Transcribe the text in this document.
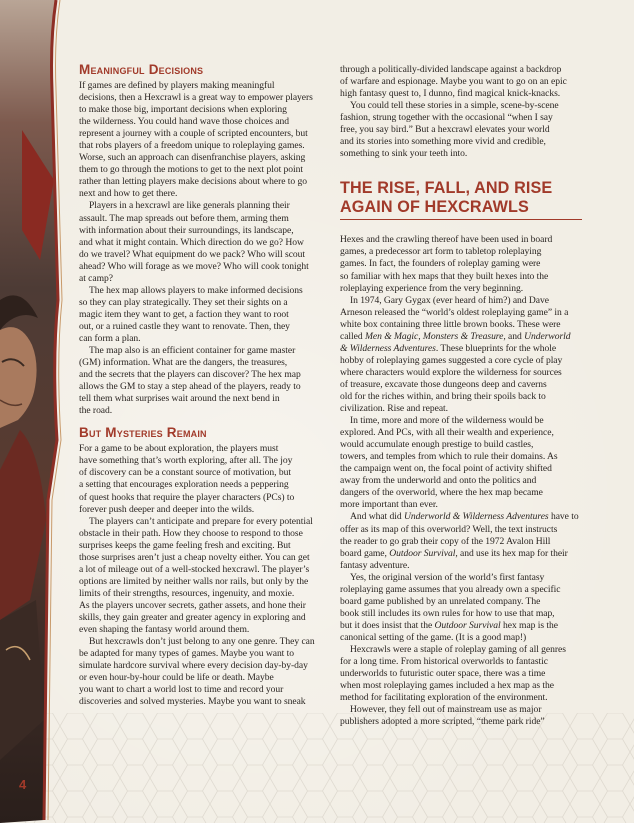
Meaningful Decisions

If games are defined by players making meaningful
decisions, then a Hexcrawl is a great way to empower players
to make those big, important decisions when exploring
the wilderness. You could hand wave those choices and
represent a journey with a couple of scripted encounters, but
that robs players of a freedom unique to roleplaying games.
Worse, such an approach can disenfranchise players, asking
them to go through the motions to get to the next plot point
rather than letting players make decisions about where to go
next and how to get there.

Players in a hexcrawl are like generals planning their
assault. The map spreads out before them, arming them
with information about their surroundings, its landscape,
and what it might contain. Which direction do we go? How
do we travel? What equipment do we pack? Who will scout
ahead? Who will forage as we move? Who will cook tonight
at camp?

The hex map allows players to make informed decisions
so they can play strategically. They set their sights on a
magic item they want to get, a faction they want to root
out, or a ruined castle they want to renovate. Then, they
can form a plan.

The map also is an efficient container for game master
(GM) information. What are the dangers, the treasures,
and the secrets that the players can discover? The hex map
allows the GM to stay a step ahead of the players, ready to
tell them what surprises wait around the next bend in
the road.

But Mysteries Remain

For a game to be about exploration, the players must
have something that’s worth exploring, after all. The joy
of discovery can be a constant source of motivation, but
a setting that encourages exploration needs a peppering
of quest hooks that require the player characters (PCs) to
forever push deeper and deeper into the wilds.

The players can’t anticipate and prepare for every potential
obstacle in their path. How they choose to respond to those
surprises keeps the game feeling fresh and exciting. But
those surprises aren’t just a cheap novelty either. You can get
a lot of mileage out of a well-stocked hexcrawl. The player’s
options are limited by neither walls nor rails, but only by the
limits of their strengths, resources, ingenuity, and moxie.
As the players uncover secrets, gather assets, and hone their
skills, they gain greater and greater agency in exploring and
even shaping the fantasy world around them.

But hexcrawls don’t just belong to any one genre. They can
be adapted for many types of games. Maybe you want to
simulate hardcore survival where every decision day-by-day
or even hour-by-hour could be life or death. Maybe
you want to chart a world lost to time and record your
discoveries and solved mysteries. Maybe you want to sneak

through a politically-divided landscape against a backdrop
of warfare and espionage. Maybe you want to go on an epic
high fantasy quest to, I dunno, find magical knick-knacks.

You could tell these stories in a simple, scene-by-scene
fashion, strung together with the occasional “when I say
free, you say bird.” But a hexcrawl elevates your world
and its stories into something more vivid and credible,
something to sink your teeth into.

THE RISE, FALL, AND RISE
AGAIN OF HEXCRAWLS

Hexes and the crawling thereof have been used in board
games, a predecessor art form to tabletop roleplaying
games. In fact, the founders of roleplay gaming were
so familiar with hex maps that they built hexes into the
roleplaying experience from the very beginning.

In 1974, Gary Gygax (ever heard of him?) and Dave
Arneson released the “world’s oldest roleplaying game” in a
white box containing three little brown books. These were
called Men & Magic, Monsters & Treasure, and Underworld
& Wilderness Adventures. These blueprints for the whole
hobby of roleplaying games suggested a core cycle of play
where characters would explore the wilderness for sources
of treasure, excavate those dungeons deep and caverns
old for the riches within, and bring their spoils back to
civilization. Rise and repeat.

In time, more and more of the wilderness would be
explored. And PCs, with all their wealth and experience,
would accumulate enough prestige to build castles,
towers, and temples from which to rule their domains. As
the campaign went on, the focal point of activity shifted
away from the underworld and onto the politics and
dangers of the overworld, where the hex map became
more important than ever.

And what did Underworld & Wilderness Adventures have to
offer as its map of this overworld? Well, the text instructs
the reader to go grab their copy of the 1972 Avalon Hill
board game, Outdoor Survival, and use its hex map for their
fantasy adventure.

Yes, the original version of the world’s first fantasy
roleplaying game assumes that you already own a specific
board game published by an unrelated company. The
book still includes its own rules for how to use that map,
but it does insist that the Outdoor Survival hex map is the
canonical setting of the game. (It is a good map!)

Hexcrawls were a staple of roleplay gaming of all genres
for a long time. From historical overworlds to fantastic
underworlds to futuristic outer space, there was a time
when most roleplaying games included a hex map as the
method for facilitating exploration of the environment.

However, they fell out of mainstream use as major
publishers adopted a more scripted, “theme park ride”

4
